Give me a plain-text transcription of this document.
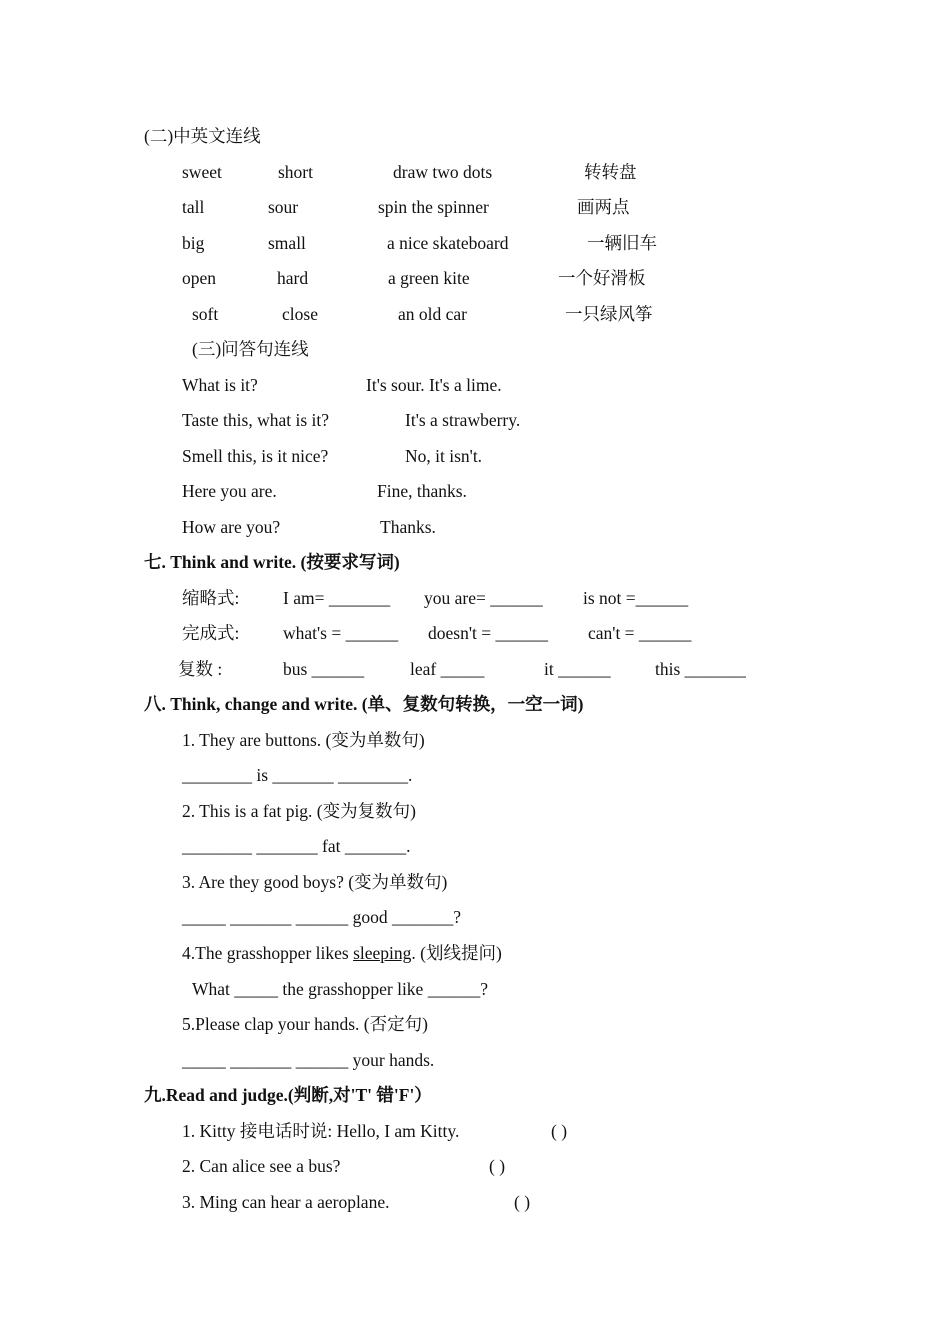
(二)中英文连线
sweet	short	draw two dots	转转盘
tall	sour	spin the spinner	画两点
big	small	a nice skateboard	一辆旧车
open	hard	a green kite	一个好滑板
soft	close	an old car	一只绿风筝
(三)问答句连线
What is it?	It's sour. It's a lime.
Taste this, what is it?	It's a strawberry.
Smell this, is it nice?	No, it isn't.
Here you are.	Fine, thanks.
How are you?	Thanks.
七. Think and write. (按要求写词)
缩略式: I am= _______ you are= ______ is not =______
完成式: what's = ______ doesn't = ______ can't = ______
复数 :	bus ______	leaf _____	it ______	this _______
八. Think, change and write. (单、复数句转换，一空一词)
1. They are buttons. (变为单数句)
________ is _______ ________.
2. This is a fat pig. (变为复数句)
________ _______ fat _______.
3. Are they good boys? (变为单数句)
_____ _______ ______ good _______?
4.The grasshopper likes sleeping. (划线提问)
What _____ the grasshopper like ______?
5.Please clap your hands. (否定句)
_____ _______ ______ your hands.
九.Read and judge.(判断,对'T' 错'F'）
1. Kitty 接电话时说: Hello, I am Kitty.	( )
2. Can alice see a bus?	( )
3. Ming can hear a aeroplane.	( )
